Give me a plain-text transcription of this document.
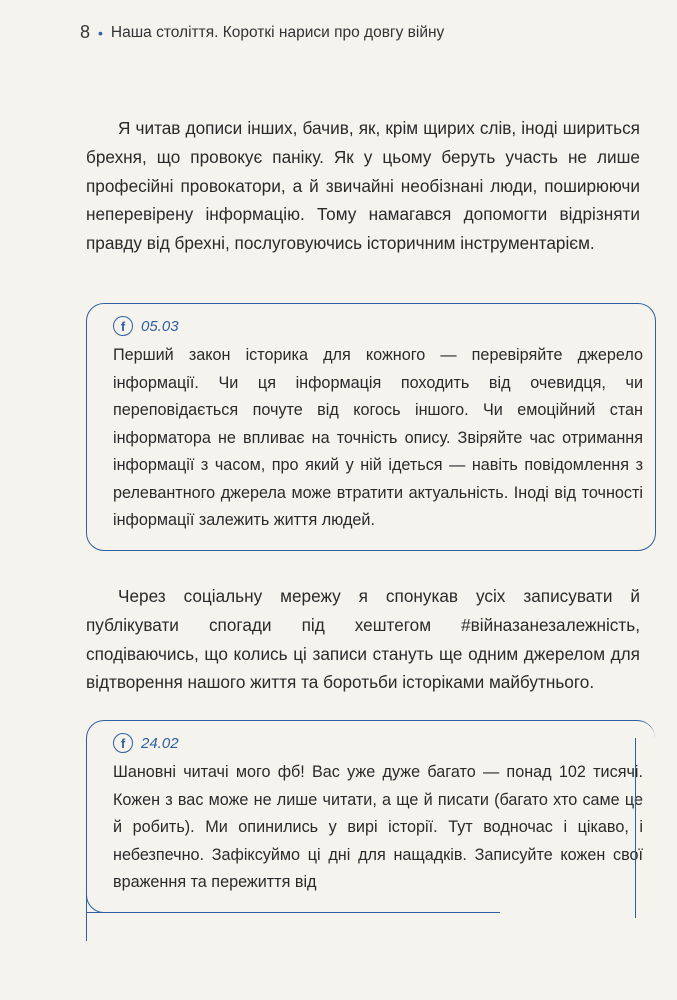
8 • Наша століття. Короткі нариси про довгу війну

Я читав дописи інших, бачив, як, крім щирих слів, іноді шириться брехня, що провокує паніку. Як у цьому беруть участь не лише професійні провокатори, а й звичайні необізнані люди, поширюючи неперевірену інформацію. Тому намагався допомогти відрізняти правду від брехні, послуговуючись історичним інструментарієм.

f	05.03

Перший закон історика для кожного — перевіряйте джерело інформації. Чи ця інформація походить від очевидця, чи переповідається почуте від когось іншого. Чи емоційний стан інформатора не впливає на точність опису. Звіряйте час отримання інформації з часом, про який у ній ідеться — навіть повідомлення з релевантного джерела може втратити актуальність. Іноді від точності інформації залежить життя людей.

Через соціальну мережу я спонукав усіх записувати й публікувати спогади під хештегом #війназанезалежність, сподіваючись, що колись ці записи стануть ще одним джерелом для відтворення нашого життя та боротьби історіками майбутнього.

f	24.02

Шановні читачі мого фб! Вас уже дуже багато — понад 102 тисячі. Кожен з вас може не лише читати, а ще й писати (багато хто саме це й робить). Ми опинились у вирі історії. Тут водночас і цікаво, і небезпечно. Зафіксуймо ці дні для нащадків. Записуйте кожен свої враження та пережиття від
